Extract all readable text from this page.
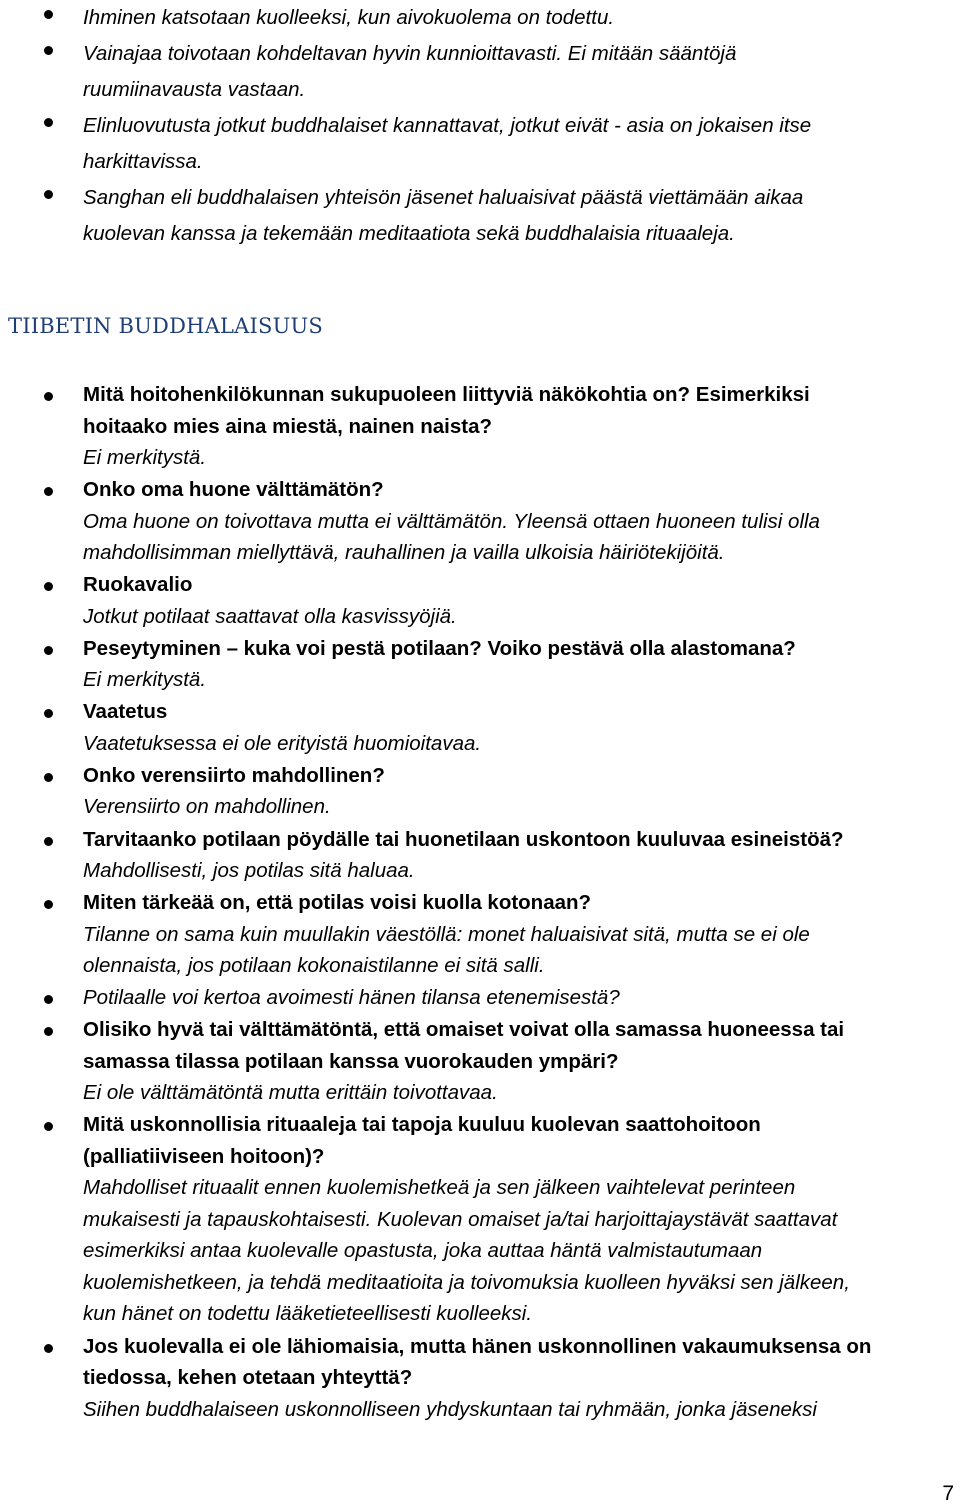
Ihminen katsotaan kuolleeksi, kun aivokuolema on todettu.
Vainajaa toivotaan kohdeltavan hyvin kunnioittavasti. Ei mitään sääntöjä
ruumiinavausta vastaan.
Elinluovutusta jotkut buddhalaiset kannattavat, jotkut eivät - asia on jokaisen itse
harkittavissa.
Sanghan eli buddhalaisen yhteisön jäsenet haluaisivat päästä viettämään aikaa
kuolevan kanssa ja tekemään meditaatiota sekä buddhalaisia rituaaleja.
TIIBETIN BUDDHALAISUUS
Mitä hoitohenkilökunnan sukupuoleen liittyviä näkökohtia on? Esimerkiksi
hoitaako mies aina miestä, nainen naista?
Ei merkitystä.
Onko oma huone välttämätön?
Oma huone on toivottava mutta ei välttämätön. Yleensä ottaen huoneen tulisi olla
mahdollisimman miellyttävä, rauhallinen ja vailla ulkoisia häiriötekijöitä.
Ruokavalio
Jotkut potilaat saattavat olla kasvissyöjiä.
Peseytyminen – kuka voi pestä potilaan? Voiko pestävä olla alastomana?
Ei merkitystä.
Vaatetus
Vaatetuksessa ei ole erityistä huomioitavaa.
Onko verensiirto mahdollinen?
Verensiirto on mahdollinen.
Tarvitaanko potilaan pöydälle tai huonetilaan uskontoon kuuluvaa esineistöä?
Mahdollisesti, jos potilas sitä haluaa.
Miten tärkeää on, että potilas voisi kuolla kotonaan?
Tilanne on sama kuin muullakin väestöllä: monet haluaisivat sitä, mutta se ei ole
olennaista, jos potilaan kokonaistilanne ei sitä salli.
Potilaalle voi kertoa avoimesti hänen tilansa etenemisestä?
Olisiko hyvä tai välttämätöntä, että omaiset voivat olla samassa huoneessa tai
samassa tilassa potilaan kanssa vuorokauden ympäri?
Ei ole välttämätöntä mutta erittäin toivottavaa.
Mitä uskonnollisia rituaaleja tai tapoja kuuluu kuolevan saattohoitoon
(palliatiiviseen hoitoon)?
Mahdolliset rituaalit ennen kuolemishetkeä ja sen jälkeen vaihtelevat perinteen
mukaisesti ja tapauskohtaisesti. Kuolevan omaiset ja/tai harjoittajaystävät saattavat
esimerkiksi antaa kuolevalle opastusta, joka auttaa häntä valmistautumaan
kuolemishetkeen, ja tehdä meditaatioita ja toivomuksia kuolleen hyväksi sen jälkeen,
kun hänet on todettu lääketieteellisesti kuolleeksi.
Jos kuolevalla ei ole lähiomaisia, mutta hänen uskonnollinen vakaumuksensa on
tiedossa, kehen otetaan yhteyttä?
Siihen buddhalaiseen uskonnolliseen yhdyskuntaan tai ryhmään, jonka jäseneksi
7
